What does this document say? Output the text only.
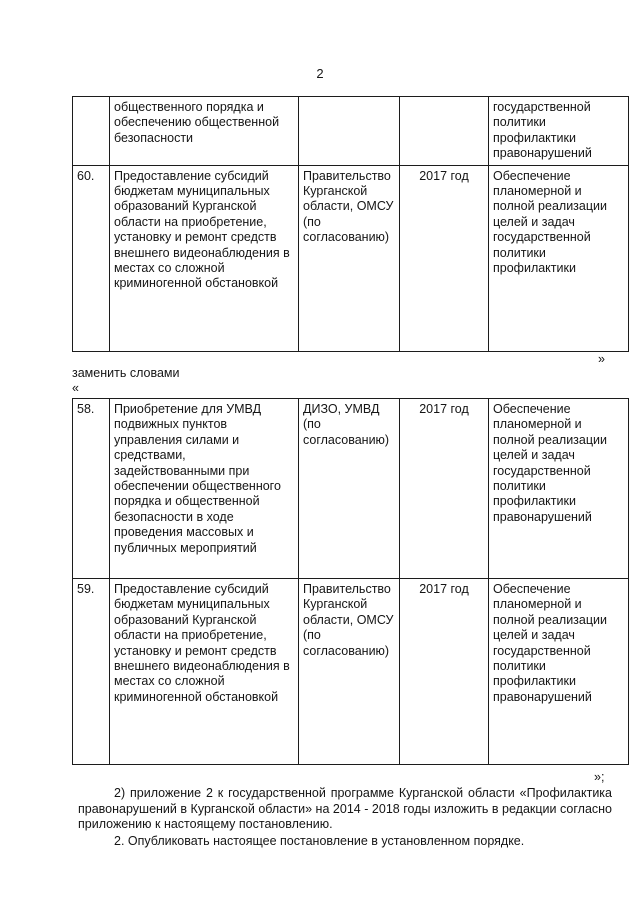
2
	общественного порядка и обеспечению общественной безопасности			государственной политики профилактики правонарушений
60.	Предоставление субсидий бюджетам муниципальных образований Курганской области на приобретение, установку и ремонт средств внешнего видеонаблюдения в местах со сложной криминогенной обстановкой	Правительство Курганской области, ОМСУ (по согласованию)	2017 год	Обеспечение планомерной и полной реализации целей и задач государственной политики профилактики
»
заменить словами
«
58.	Приобретение для УМВД подвижных пунктов управления силами и средствами, задействованными при обеспечении общественного порядка и общественной безопасности в ходе проведения массовых и публичных мероприятий	ДИЗО, УМВД (по согласованию)	2017 год	Обеспечение планомерной и полной реализации целей и задач государственной политики профилактики правонарушений
59.	Предоставление субсидий бюджетам муниципальных образований Курганской области на приобретение, установку и ремонт средств внешнего видеонаблюдения в местах со сложной криминогенной обстановкой	Правительство Курганской области, ОМСУ (по согласованию)	2017 год	Обеспечение планомерной и полной реализации целей и задач государственной политики профилактики правонарушений
»;
2) приложение 2 к государственной программе Курганской области «Профилактика правонарушений в Курганской области» на 2014 - 2018 годы изложить в редакции согласно приложению к настоящему постановлению.
2. Опубликовать настоящее постановление в установленном порядке.
